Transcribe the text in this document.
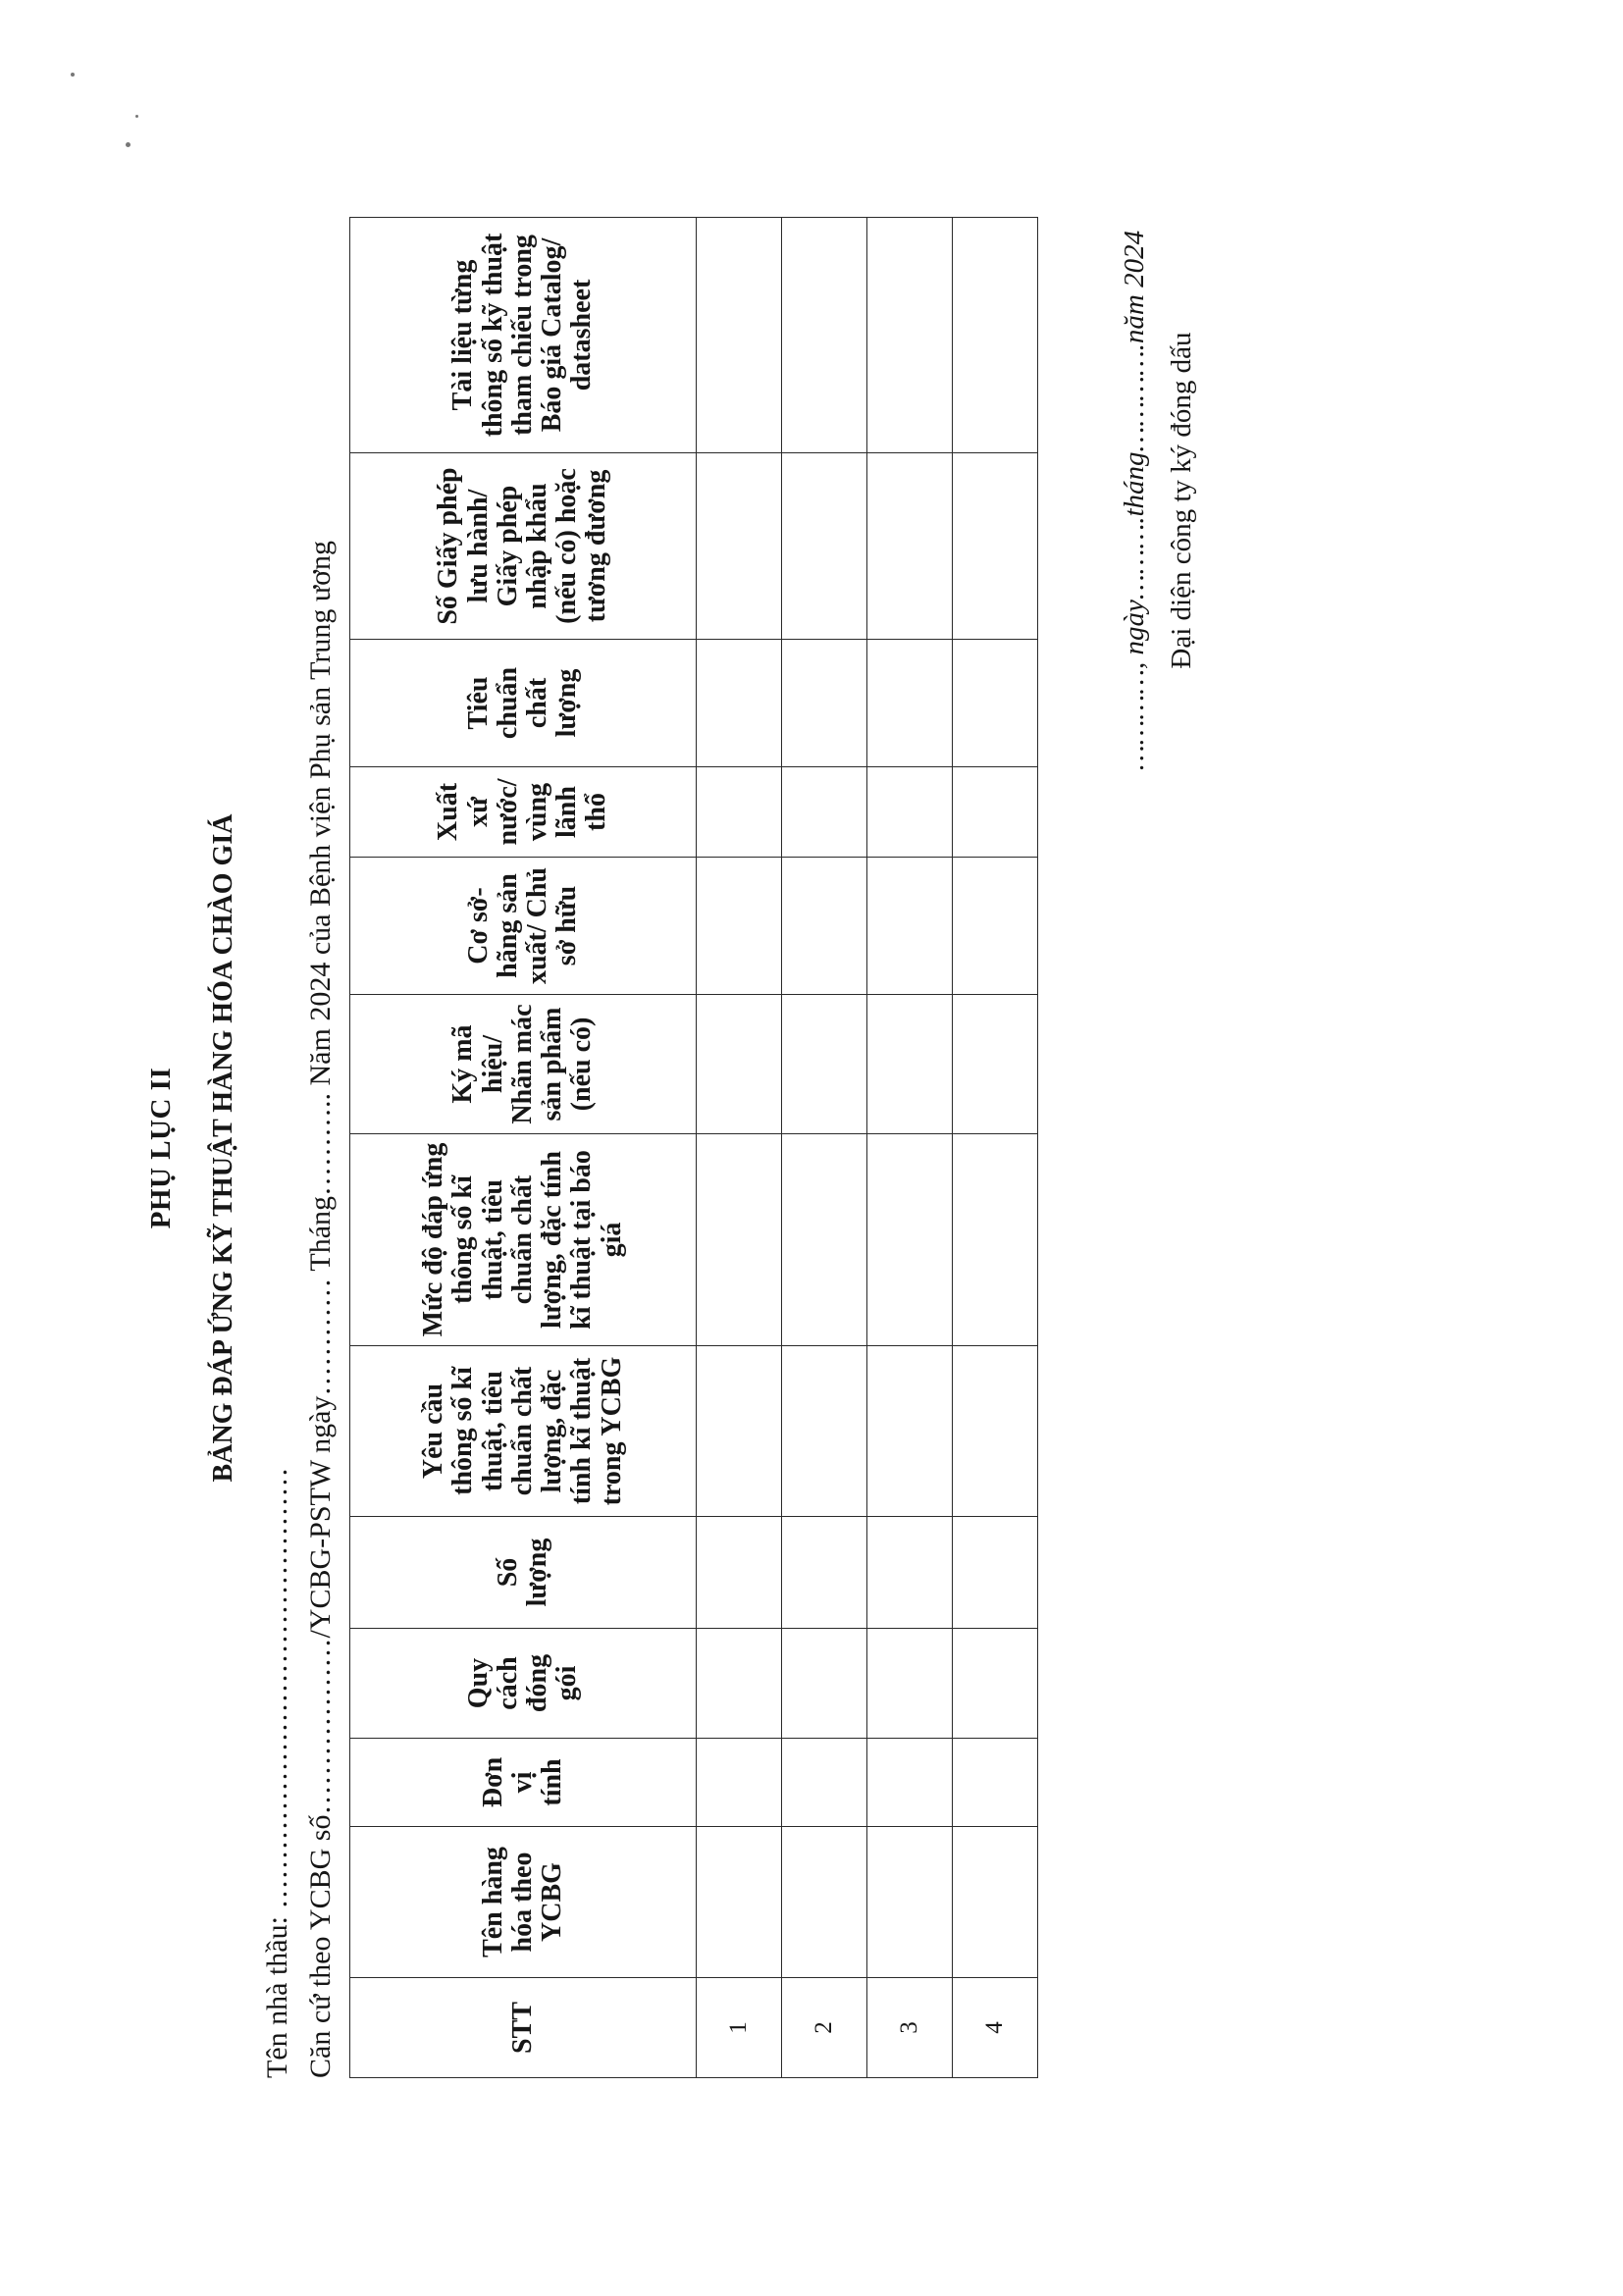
PHỤ LỤC II BẢNG ĐÁP ỨNG KỸ THUẬT HÀNG HÓA CHÀO GIÁ
Tên nhà thầu: ……………………………………… Căn cứ theo YCBG số………………/YCBG-PSTW ngày………… Tháng……….. Năm 2024 của Bệnh viện Phụ sản Trung ương	STT	Tên hàng hóa theo YCBG	Đơn vị tính	Quy cách đóng gói	Số lượng	Yêu cầu thông số kĩ thuật, tiêu chuẩn chất lượng, đặc tính kĩ thuật trong YCBG	Mức độ đáp ứng thông số kĩ thuật, tiêu chuẩn chất lượng, đặc tính kĩ thuật tại báo giá	Ký mã hiệu/ Nhãn mác sản phẩm (nếu có)	Cơ sở- hãng sản xuất/ Chủ sở hữu	Xuất xứ nước/ vùng lãnh thổ	Tiêu chuẩn chất lượng	Số Giấy phép lưu hành/ Giấy phép nhập khẩu (nếu có) hoặc tương đương	Tài liệu từng thông số kỹ thuật tham chiếu trong Báo giá Catalog/ datasheet
1												
2												
3												
4												
…………, ngày……….tháng………….năm 2024 Đại diện công ty ký đóng dấu
